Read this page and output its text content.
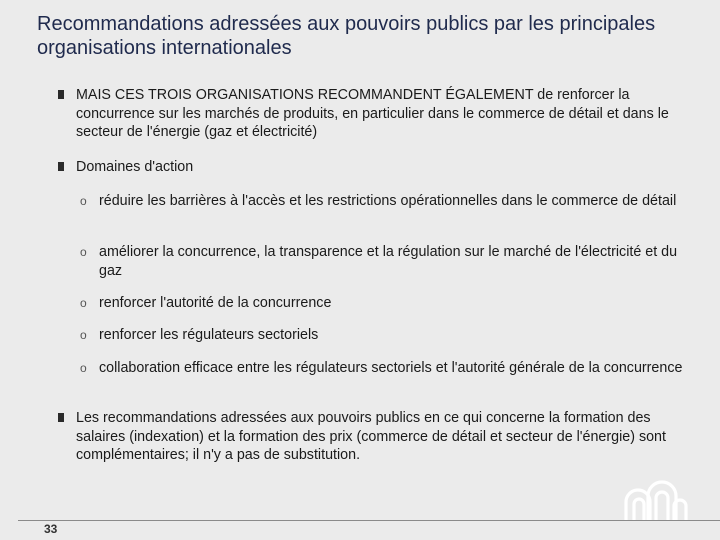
Recommandations adressées aux pouvoirs publics par les principales organisations internationales
MAIS CES TROIS ORGANISATIONS RECOMMANDENT ÉGALEMENT de renforcer la concurrence sur les marchés de produits, en particulier dans le commerce de détail et dans le secteur de l'énergie (gaz et électricité)
Domaines d'action
o réduire les barrières à l'accès et les restrictions opérationnelles dans le commerce de détail
o améliorer la concurrence, la transparence et la régulation sur le marché de l'électricité et du gaz
o renforcer l'autorité de la concurrence
o renforcer les régulateurs sectoriels
o collaboration efficace entre les régulateurs sectoriels et l'autorité générale de la concurrence
Les recommandations adressées aux pouvoirs publics en ce qui concerne la formation des salaires (indexation) et la formation des prix (commerce de détail et secteur de l'énergie) sont complémentaires; il n'y a pas de substitution.
33
